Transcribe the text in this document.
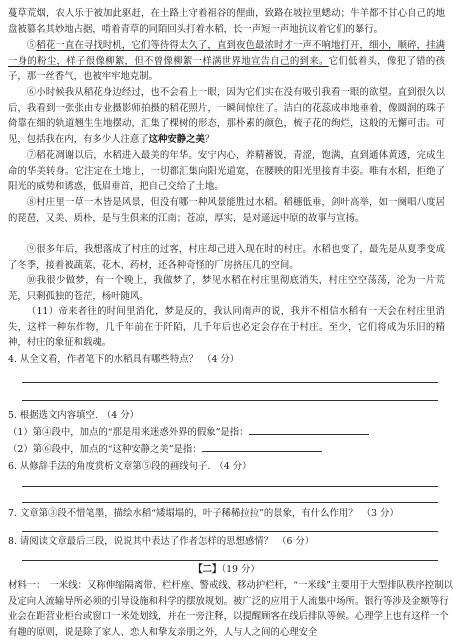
蔓草荒烟，农人乐于被加此驱赶，在土路上守着祖谷的俚曲，致路在坡拉里蟋动；牛羊都不甘心自己的地盘被篡名其妙地占据，啃着青草的同陌回头打着水稻，长一声短一声地抗议着它们的暴行。

⑤稻花一直在寻找时机，它们等待得太久了，直到夜色最浓时才一声不响地打开，细小，顺碎，挂满一身的粉尘，样子很像柳絮，但不曾像柳絮一样满世界地宣告自己的到来。它们低着头，像犯了错的孩子，那一丝香气，也被牢牢地克制。

⑥小时候我从稻花身边经过，也不会看上一眼，因为它们实在没有吸引我看一眼的欲望。直到很久以后，我看到一张张由专业摄影师拍摄的稻花照片，一瞬间惊住了。洁白的花蕊成串地垂着，像圆润的珠子倚靠在细的轨道翘生生地摆动，汇集了棵树的形态，那朴素的颜色，梳子花的绚烂，这般的无懈可击。可见，包括我在内，有多少人注意了这种安静之美？

⑦稻花凋谢以后，水稻进入最美的年华。安宁内心，养精蓄锐，青涩，饱满，直到通体黄透，完成生命的华美转身。它注定在土地上，一切都汇集向阳光道宽，在腰映的阳光里接育丰姿。唯有水稻，拒绝了阳光的威势和诱惑，低眉垂首，把自己交给了土地。

⑧村庄里一草一木皆是风景，但没有哪一种风景能胜过水稻。稻穗低垂，剑叶高举，如一阕唱八度居的琵琶，又美、质朴，是与生俱来的江南；苍凉，厚实，是对遥远中原的故事与宣扬。

⑨很多年后，我想落成了村庄的过客，村庄却己进入现在时的村庄。水稻也变了，最先是从夏季变成了冬季，接着被蔬菜、花木、药材，还各种奇怪的厂房挤压几的空间。

⑩我很少做梦，有一个晚上，我做梦了，梦见水稻在村庄里彻底消失，村庄空空荡荡，沦为一片荒芜，只剩孤独的苍茫，杨叶随风。

（11）帝来者往的时间里消化，梦是反的，我认同南声的说，我并不相信水稻有一天会在村庄里消失，这样一种东作物，几千年前在于阡陌，几千年后也必定会存在于村庄。至少，它们将成为乐旧的精神，村庄的象征和载魂。

4. 从全文看，作者笔下的水稻具有哪些特点？ （4 分）

5. 根据选文内容填空. （4 分）

（1）第④段中，加点的“那是用来迷惑外界的假象”是指：

（2）第⑥段中，加点的“这种安静之美”是指：

6. 从修辞手法的角度赏析文章第⑤段的画线句子. （4 分）

7. 文章第③段不惜笔墨，描绘水稻“矮塌塌的，叶子稀稀拉拉”的景象，有什么作用？ （3 分）

8. 请阅读文章最后三段，说说其中表达了作者怎样的思想感情？ （6 分）

【二】（19 分）

材料一： 一米线：又称伸缩隔离带、栏杆座、警戒线、移动护栏杆，“一米线”主要用于大型排队秩序控制以及定向人流输导所必须的引导设施和科学的摆放规划。被广泛的应用于人流集中场所。银行等涉及金额等行业会在距营业柜台或窗口一米处划线，并在一旁注释，以提醒顾客在线后排队等候。心理学上也有这样一个有趣的原则，说是除了家人、恋人和挚友亲朋之外，人与人之间的心理安全
